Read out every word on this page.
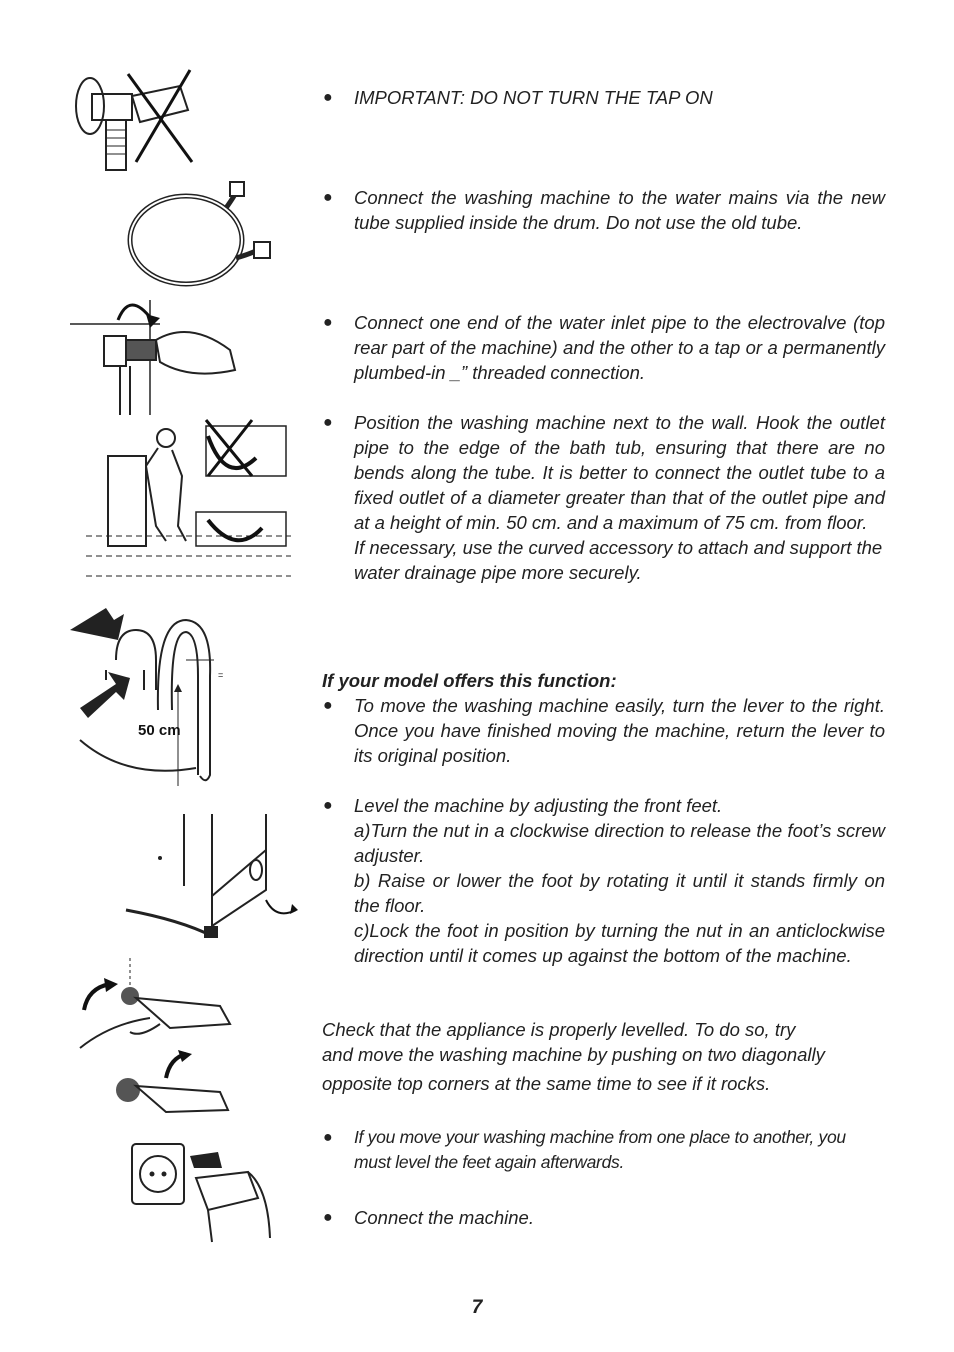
50 cm
=
● IMPORTANT: DO NOT TURN THE TAP ON

● Connect the washing machine to the water mains via the new tube supplied inside the drum. Do not use the old tube.

● Connect one end of the water inlet pipe to the electrovalve (top rear part of the machine) and the other to a tap or a permanently plumbed-in _” threaded connection.

● Position the washing machine next to the wall. Hook the outlet pipe to the edge of the bath tub, ensuring that there are no bends along the tube. It is better to connect the outlet tube to a fixed outlet of a diameter greater than that of the outlet pipe and at a height of min. 50 cm. and a maximum of 75 cm. from floor.

If necessary, use the curved accessory to attach and support the water drainage pipe more securely.

If your model offers this function:
● To move the washing machine easily, turn the lever to the right. Once you have finished moving the machine, return the lever to its original position.

● Level the machine by adjusting the front feet.

a)Turn the nut in a clockwise direction to release the foot’s screw adjuster.

b) Raise or lower the foot by rotating it until it stands firmly on the floor.

c)Lock the foot in position by turning the nut in an anticlockwise direction until it comes up against the bottom of the machine.

Check that the appliance is properly levelled. To do so, try
and move the washing machine by pushing on two diagonally
opposite top corners at the same time to see if it rocks.
● If you move your washing machine from one place to another, you must level the feet again afterwards.

● Connect the machine.

7
